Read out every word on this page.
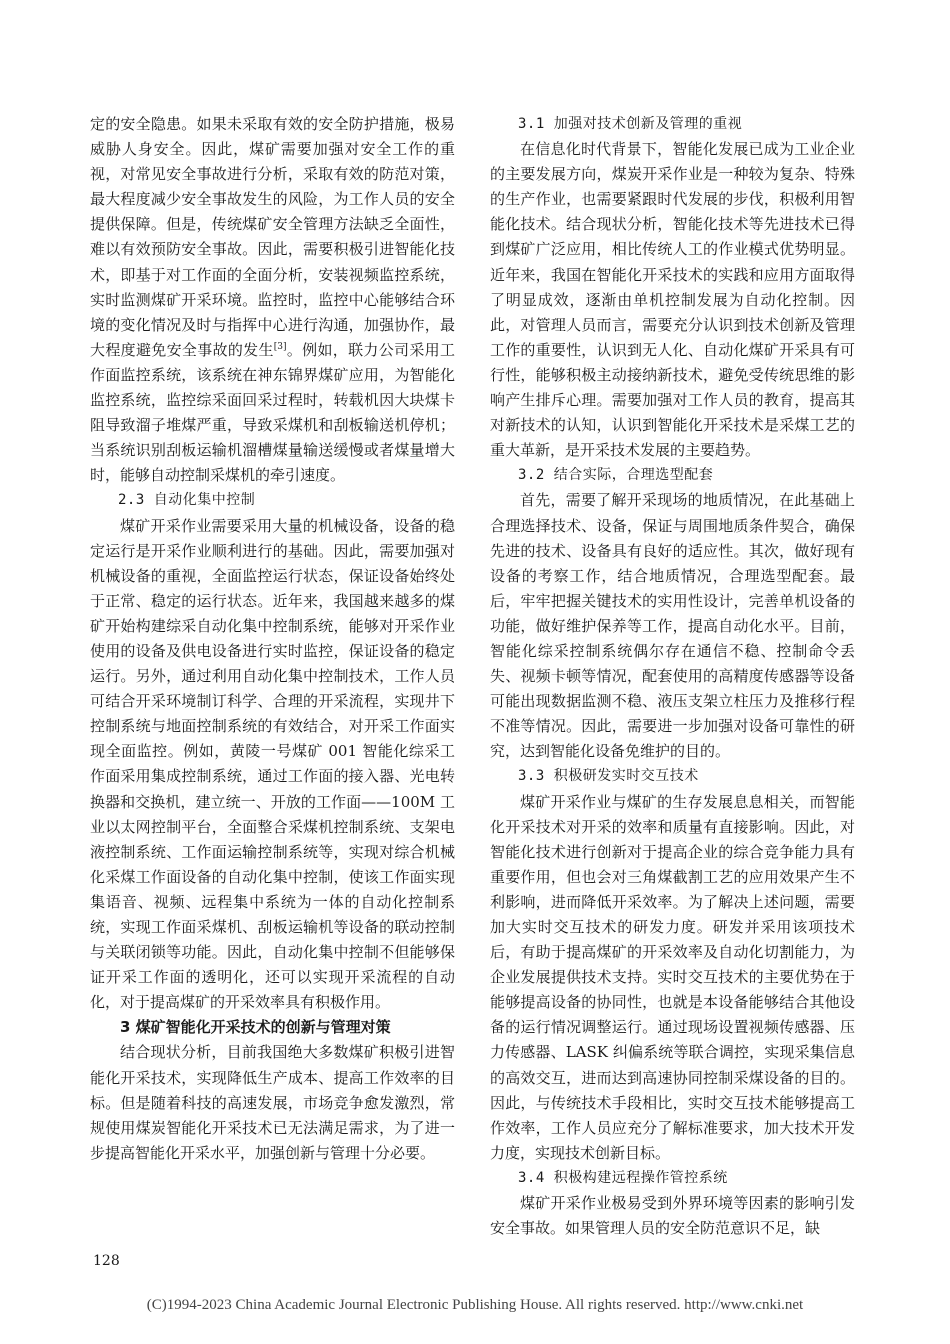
定的安全隐患。如果未采取有效的安全防护措施，极易威胁人身安全。因此，煤矿需要加强对安全工作的重视，对常见安全事故进行分析，采取有效的防范对策，最大程度减少安全事故发生的风险，为工作人员的安全提供保障。但是，传统煤矿安全管理方法缺乏全面性，难以有效预防安全事故。因此，需要积极引进智能化技术，即基于对工作面的全面分析，安装视频监控系统，实时监测煤矿开采环境。监控时，监控中心能够结合环境的变化情况及时与指挥中心进行沟通，加强协作，最大程度避免安全事故的发生[3]。例如，联力公司采用工作面监控系统，该系统在神东锦界煤矿应用，为智能化监控系统，监控综采面回采过程时，转载机因大块煤卡阻导致溜子堆煤严重，导致采煤机和刮板输送机停机；当系统识别刮板运输机溜槽煤量输送缓慢或者煤量增大时，能够自动控制采煤机的牵引速度。

2.3 自动化集中控制

煤矿开采作业需要采用大量的机械设备，设备的稳定运行是开采作业顺利进行的基础。因此，需要加强对机械设备的重视，全面监控运行状态，保证设备始终处于正常、稳定的运行状态。近年来，我国越来越多的煤矿开始构建综采自动化集中控制系统，能够对开采作业使用的设备及供电设备进行实时监控，保证设备的稳定运行。另外，通过利用自动化集中控制技术，工作人员可结合开采环境制订科学、合理的开采流程，实现井下控制系统与地面控制系统的有效结合，对开采工作面实现全面监控。例如，黄陵一号煤矿 001 智能化综采工作面采用集成控制系统，通过工作面的接入器、光电转换器和交换机，建立统一、开放的工作面——100M 工业以太网控制平台，全面整合采煤机控制系统、支架电液控制系统、工作面运输控制系统等，实现对综合机械化采煤工作面设备的自动化集中控制，使该工作面实现集语音、视频、远程集中系统为一体的自动化控制系统，实现工作面采煤机、刮板运输机等设备的联动控制与关联闭锁等功能。因此，自动化集中控制不但能够保证开采工作面的透明化，还可以实现开采流程的自动化，对于提高煤矿的开采效率具有积极作用。

3 煤矿智能化开采技术的创新与管理对策

结合现状分析，目前我国绝大多数煤矿积极引进智能化开采技术，实现降低生产成本、提高工作效率的目标。但是随着科技的高速发展，市场竞争愈发激烈，常规使用煤炭智能化开采技术已无法满足需求，为了进一步提高智能化开采水平，加强创新与管理十分必要。

3.1 加强对技术创新及管理的重视

在信息化时代背景下，智能化发展已成为工业企业的主要发展方向，煤炭开采作业是一种较为复杂、特殊的生产作业，也需要紧跟时代发展的步伐，积极利用智能化技术。结合现状分析，智能化技术等先进技术已得到煤矿广泛应用，相比传统人工的作业模式优势明显。近年来，我国在智能化开采技术的实践和应用方面取得了明显成效，逐渐由单机控制发展为自动化控制。因此，对管理人员而言，需要充分认识到技术创新及管理工作的重要性，认识到无人化、自动化煤矿开采具有可行性，能够积极主动接纳新技术，避免受传统思维的影响产生排斥心理。需要加强对工作人员的教育，提高其对新技术的认知，认识到智能化开采技术是采煤工艺的重大革新，是开采技术发展的主要趋势。

3.2 结合实际，合理选型配套

首先，需要了解开采现场的地质情况，在此基础上合理选择技术、设备，保证与周围地质条件契合，确保先进的技术、设备具有良好的适应性。其次，做好现有设备的考察工作，结合地质情况，合理选型配套。最后，牢牢把握关键技术的实用性设计，完善单机设备的功能，做好维护保养等工作，提高自动化水平。目前，智能化综采控制系统偶尔存在通信不稳、控制命令丢失、视频卡顿等情况，配套使用的高精度传感器等设备可能出现数据监测不稳、液压支架立柱压力及推移行程不准等情况。因此，需要进一步加强对设备可靠性的研究，达到智能化设备免维护的目的。

3.3 积极研发实时交互技术

煤矿开采作业与煤矿的生存发展息息相关，而智能化开采技术对开采的效率和质量有直接影响。因此，对智能化技术进行创新对于提高企业的综合竞争能力具有重要作用，但也会对三角煤截割工艺的应用效果产生不利影响，进而降低开采效率。为了解决上述问题，需要加大实时交互技术的研发力度。研发并采用该项技术后，有助于提高煤矿的开采效率及自动化切割能力，为企业发展提供技术支持。实时交互技术的主要优势在于能够提高设备的协同性，也就是本设备能够结合其他设备的运行情况调整运行。通过现场设置视频传感器、压力传感器、LASK 纠偏系统等联合调控，实现采集信息的高效交互，进而达到高速协同控制采煤设备的目的。因此，与传统技术手段相比，实时交互技术能够提高工作效率，工作人员应充分了解标准要求，加大技术开发力度，实现技术创新目标。

3.4 积极构建远程操作管控系统

煤矿开采作业极易受到外界环境等因素的影响引发安全事故。如果管理人员的安全防范意识不足，缺

128
(C)1994-2023 China Academic Journal Electronic Publishing House. All rights reserved. http://www.cnki.net
